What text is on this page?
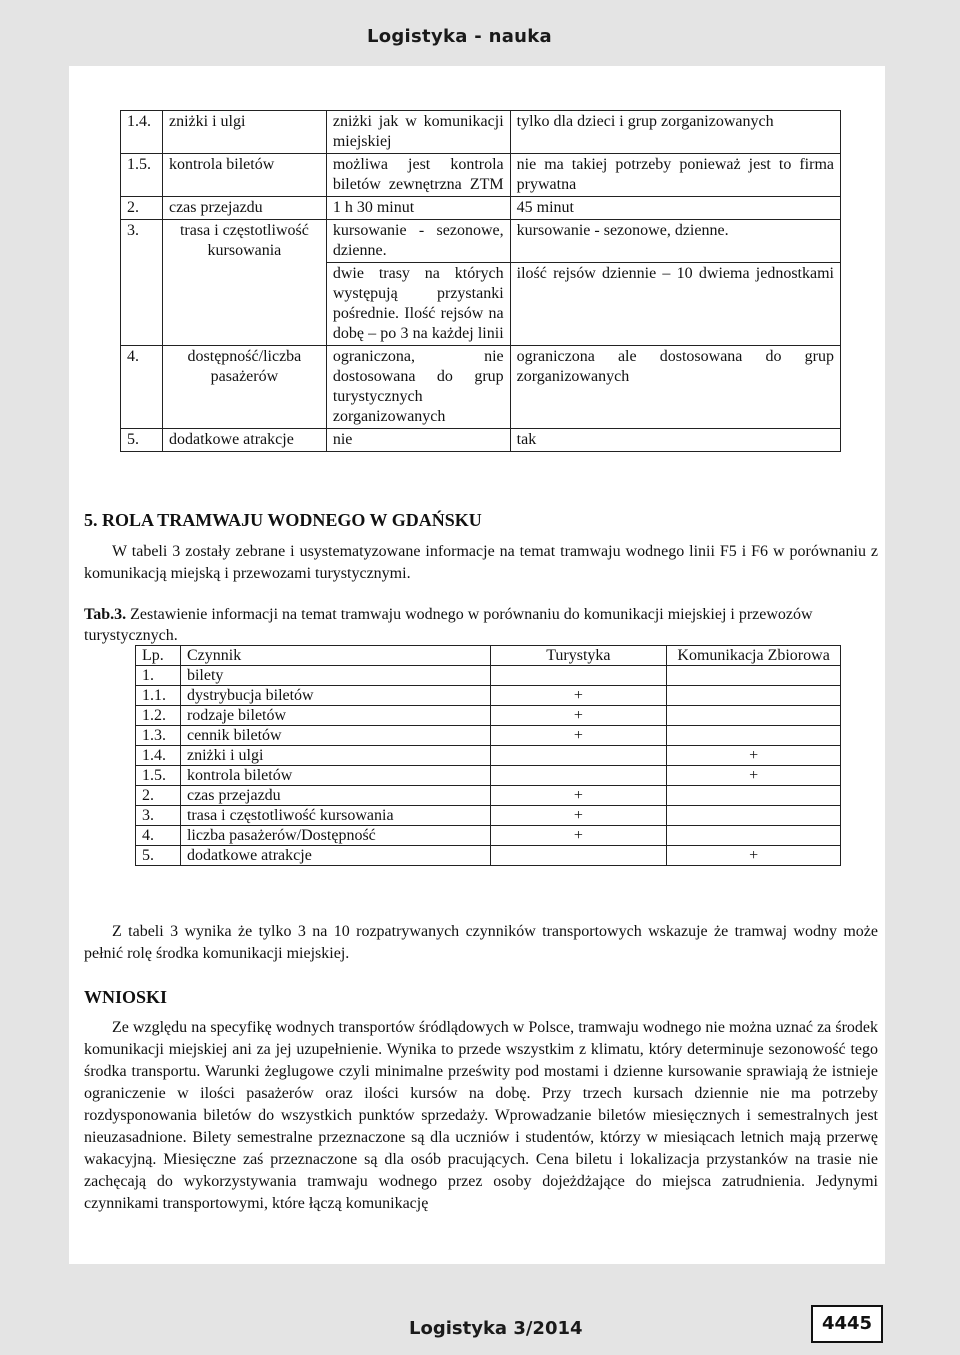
Logistyka - nauka
1.4.	zniżki i ulgi	zniżki jak w komunikacji miejskiej	tylko dla dzieci i grup zorganizowanych
1.5.	kontrola biletów	możliwa jest kontrola biletów zewnętrzna ZTM	nie ma takiej potrzeby ponieważ jest to firma prywatna
2.	czas przejazdu	1 h 30 minut	45 minut
3.	trasa i częstotliwość kursowania	kursowanie - sezonowe, dzienne.	kursowanie - sezonowe, dzienne.
		dwie trasy na których występują przystanki pośrednie. Ilość rejsów na dobę – po 3 na każdej linii	ilość rejsów dziennie – 10 dwiema jednostkami
4.	dostępność/liczba pasażerów	ograniczona, nie dostosowana do grup turystycznych zorganizowanych	ograniczona ale dostosowana do grup zorganizowanych
5.	dodatkowe atrakcje	nie	tak
5. ROLA TRAMWAJU WODNEGO W GDAŃSKU
W tabeli 3 zostały zebrane i usystematyzowane informacje na temat tramwaju wodnego linii F5 i F6 w porównaniu z komunikacją miejską i przewozami turystycznymi.
Tab.3. Zestawienie informacji na temat tramwaju wodnego w porównaniu do komunikacji miejskiej i przewozów turystycznych.
Lp.	Czynnik	Turystyka	Komunikacja Zbiorowa
1.	bilety		
1.1.	dystrybucja biletów	+	
1.2.	rodzaje biletów	+	
1.3.	cennik biletów	+	
1.4.	zniżki i ulgi		+
1.5.	kontrola biletów		+
2.	czas przejazdu	+	
3.	trasa i częstotliwość kursowania	+	
4.	liczba pasażerów/Dostępność	+	
5.	dodatkowe atrakcje		+
Z tabeli 3 wynika że tylko 3 na 10 rozpatrywanych czynników transportowych wskazuje że tramwaj wodny może pełnić rolę środka komunikacji miejskiej.
WNIOSKI
Ze względu na specyfikę wodnych transportów śródlądowych w Polsce, tramwaju wodnego nie można uznać za środek komunikacji miejskiej ani za jej uzupełnienie. Wynika to przede wszystkim z klimatu, który determinuje sezonowość tego środka transportu. Warunki żeglugowe czyli minimalne prześwity pod mostami i dzienne kursowanie sprawiają że istnieje ograniczenie w ilości pasażerów oraz ilości kursów na dobę. Przy trzech kursach dziennie nie ma potrzeby rozdysponowania biletów do wszystkich punktów sprzedaży. Wprowadzanie biletów miesięcznych i semestralnych jest nieuzasadnione. Bilety semestralne przeznaczone są dla uczniów i studentów, którzy w miesiącach letnich mają przerwę wakacyjną. Miesięczne zaś przeznaczone są dla osób pracujących. Cena biletu i lokalizacja przystanków na trasie nie zachęcają do wykorzystywania tramwaju wodnego przez osoby dojeżdżające do miejsca zatrudnienia. Jedynymi czynnikami transportowymi, które łączą komunikację
Logistyka 3/2014	4445
